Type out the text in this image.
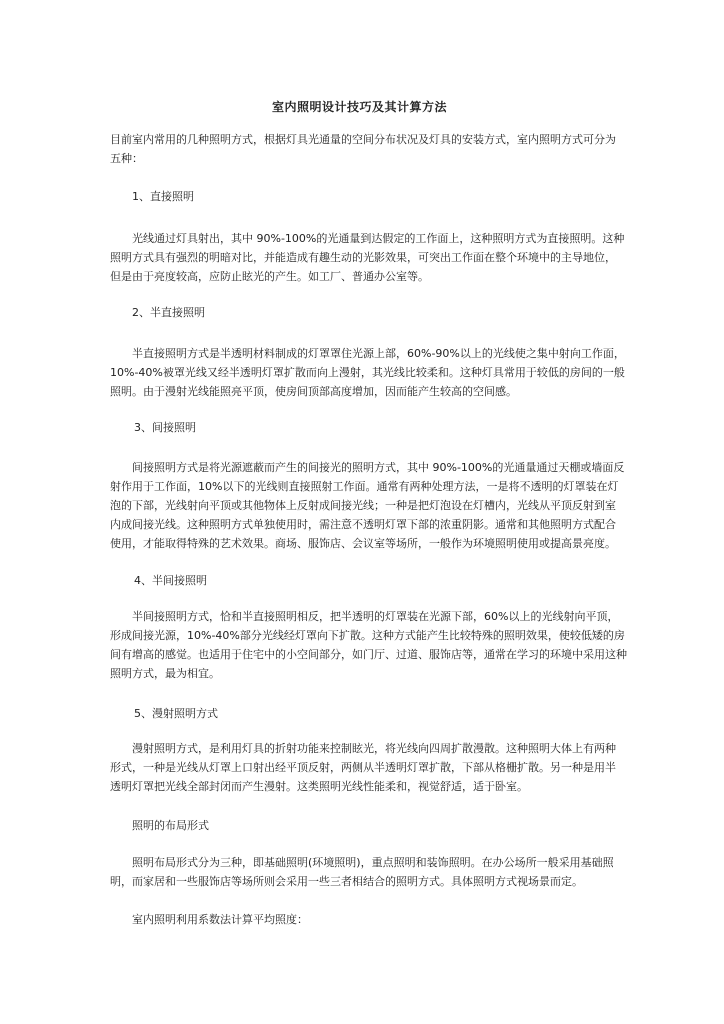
室内照明设计技巧及其计算方法
目前室内常用的几种照明方式，根据灯具光通量的空间分布状况及灯具的安装方式，室内照明方式可分为
五种：
1、直接照明
光线通过灯具射出，其中 90%-100%的光通量到达假定的工作面上，这种照明方式为直接照明。这种
照明方式具有强烈的明暗对比，并能造成有趣生动的光影效果，可突出工作面在整个环境中的主导地位，
但是由于亮度较高，应防止眩光的产生。如工厂、普通办公室等。
2、半直接照明
半直接照明方式是半透明材料制成的灯罩罩住光源上部，60%-90%以上的光线使之集中射向工作面，
10%-40%被罩光线又经半透明灯罩扩散而向上漫射，其光线比较柔和。这种灯具常用于较低的房间的一般
照明。由于漫射光线能照亮平顶，使房间顶部高度增加，因而能产生较高的空间感。
3、间接照明
间接照明方式是将光源遮蔽而产生的间接光的照明方式，其中 90%-100%的光通量通过天棚或墙面反
射作用于工作面，10%以下的光线则直接照射工作面。通常有两种处理方法，一是将不透明的灯罩装在灯
泡的下部，光线射向平顶或其他物体上反射成间接光线；一种是把灯泡设在灯槽内，光线从平顶反射到室
内成间接光线。这种照明方式单独使用时，需注意不透明灯罩下部的浓重阴影。通常和其他照明方式配合
使用，才能取得特殊的艺术效果。商场、服饰店、会议室等场所，一般作为环境照明使用或提高景亮度。
4、半间接照明
半间接照明方式，恰和半直接照明相反，把半透明的灯罩装在光源下部，60%以上的光线射向平顶，
形成间接光源，10%-40%部分光线经灯罩向下扩散。这种方式能产生比较特殊的照明效果，使较低矮的房
间有增高的感觉。也适用于住宅中的小空间部分，如门厅、过道、服饰店等，通常在学习的环境中采用这种
照明方式，最为相宜。
5、漫射照明方式
漫射照明方式，是利用灯具的折射功能来控制眩光，将光线向四周扩散漫散。这种照明大体上有两种
形式，一种是光线从灯罩上口射出经平顶反射，两侧从半透明灯罩扩散，下部从格栅扩散。另一种是用半
透明灯罩把光线全部封闭而产生漫射。这类照明光线性能柔和，视觉舒适，适于卧室。
照明的布局形式
照明布局形式分为三种，即基础照明(环境照明)，重点照明和装饰照明。在办公场所一般采用基础照
明，而家居和一些服饰店等场所则会采用一些三者相结合的照明方式。具体照明方式视场景而定。
室内照明利用系数法计算平均照度：
